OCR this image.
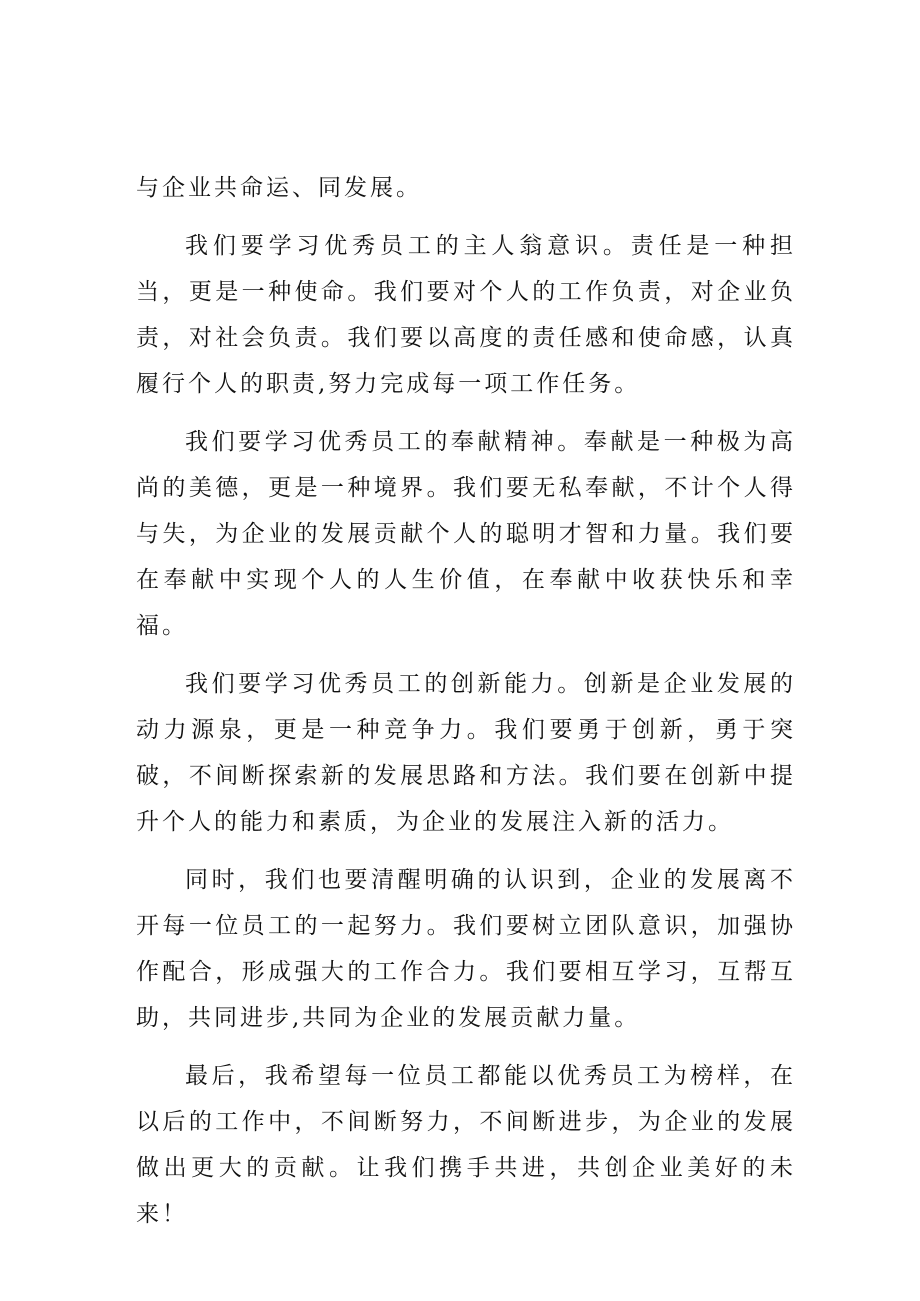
与企业共命运、同发展。

我们要学习优秀员工的主人翁意识。责任是一种担当，更是一种使命。我们要对个人的工作负责，对企业负责，对社会负责。我们要以高度的责任感和使命感，认真履行个人的职责,努力完成每一项工作任务。

我们要学习优秀员工的奉献精神。奉献是一种极为高尚的美德，更是一种境界。我们要无私奉献，不计个人得与失，为企业的发展贡献个人的聪明才智和力量。我们要在奉献中实现个人的人生价值，在奉献中收获快乐和幸福。

我们要学习优秀员工的创新能力。创新是企业发展的动力源泉，更是一种竞争力。我们要勇于创新，勇于突破，不间断探索新的发展思路和方法。我们要在创新中提升个人的能力和素质，为企业的发展注入新的活力。

同时，我们也要清醒明确的认识到，企业的发展离不开每一位员工的一起努力。我们要树立团队意识，加强协作配合，形成强大的工作合力。我们要相互学习，互帮互助，共同进步,共同为企业的发展贡献力量。

最后，我希望每一位员工都能以优秀员工为榜样，在以后的工作中，不间断努力，不间断进步，为企业的发展做出更大的贡献。让我们携手共进，共创企业美好的未来！
